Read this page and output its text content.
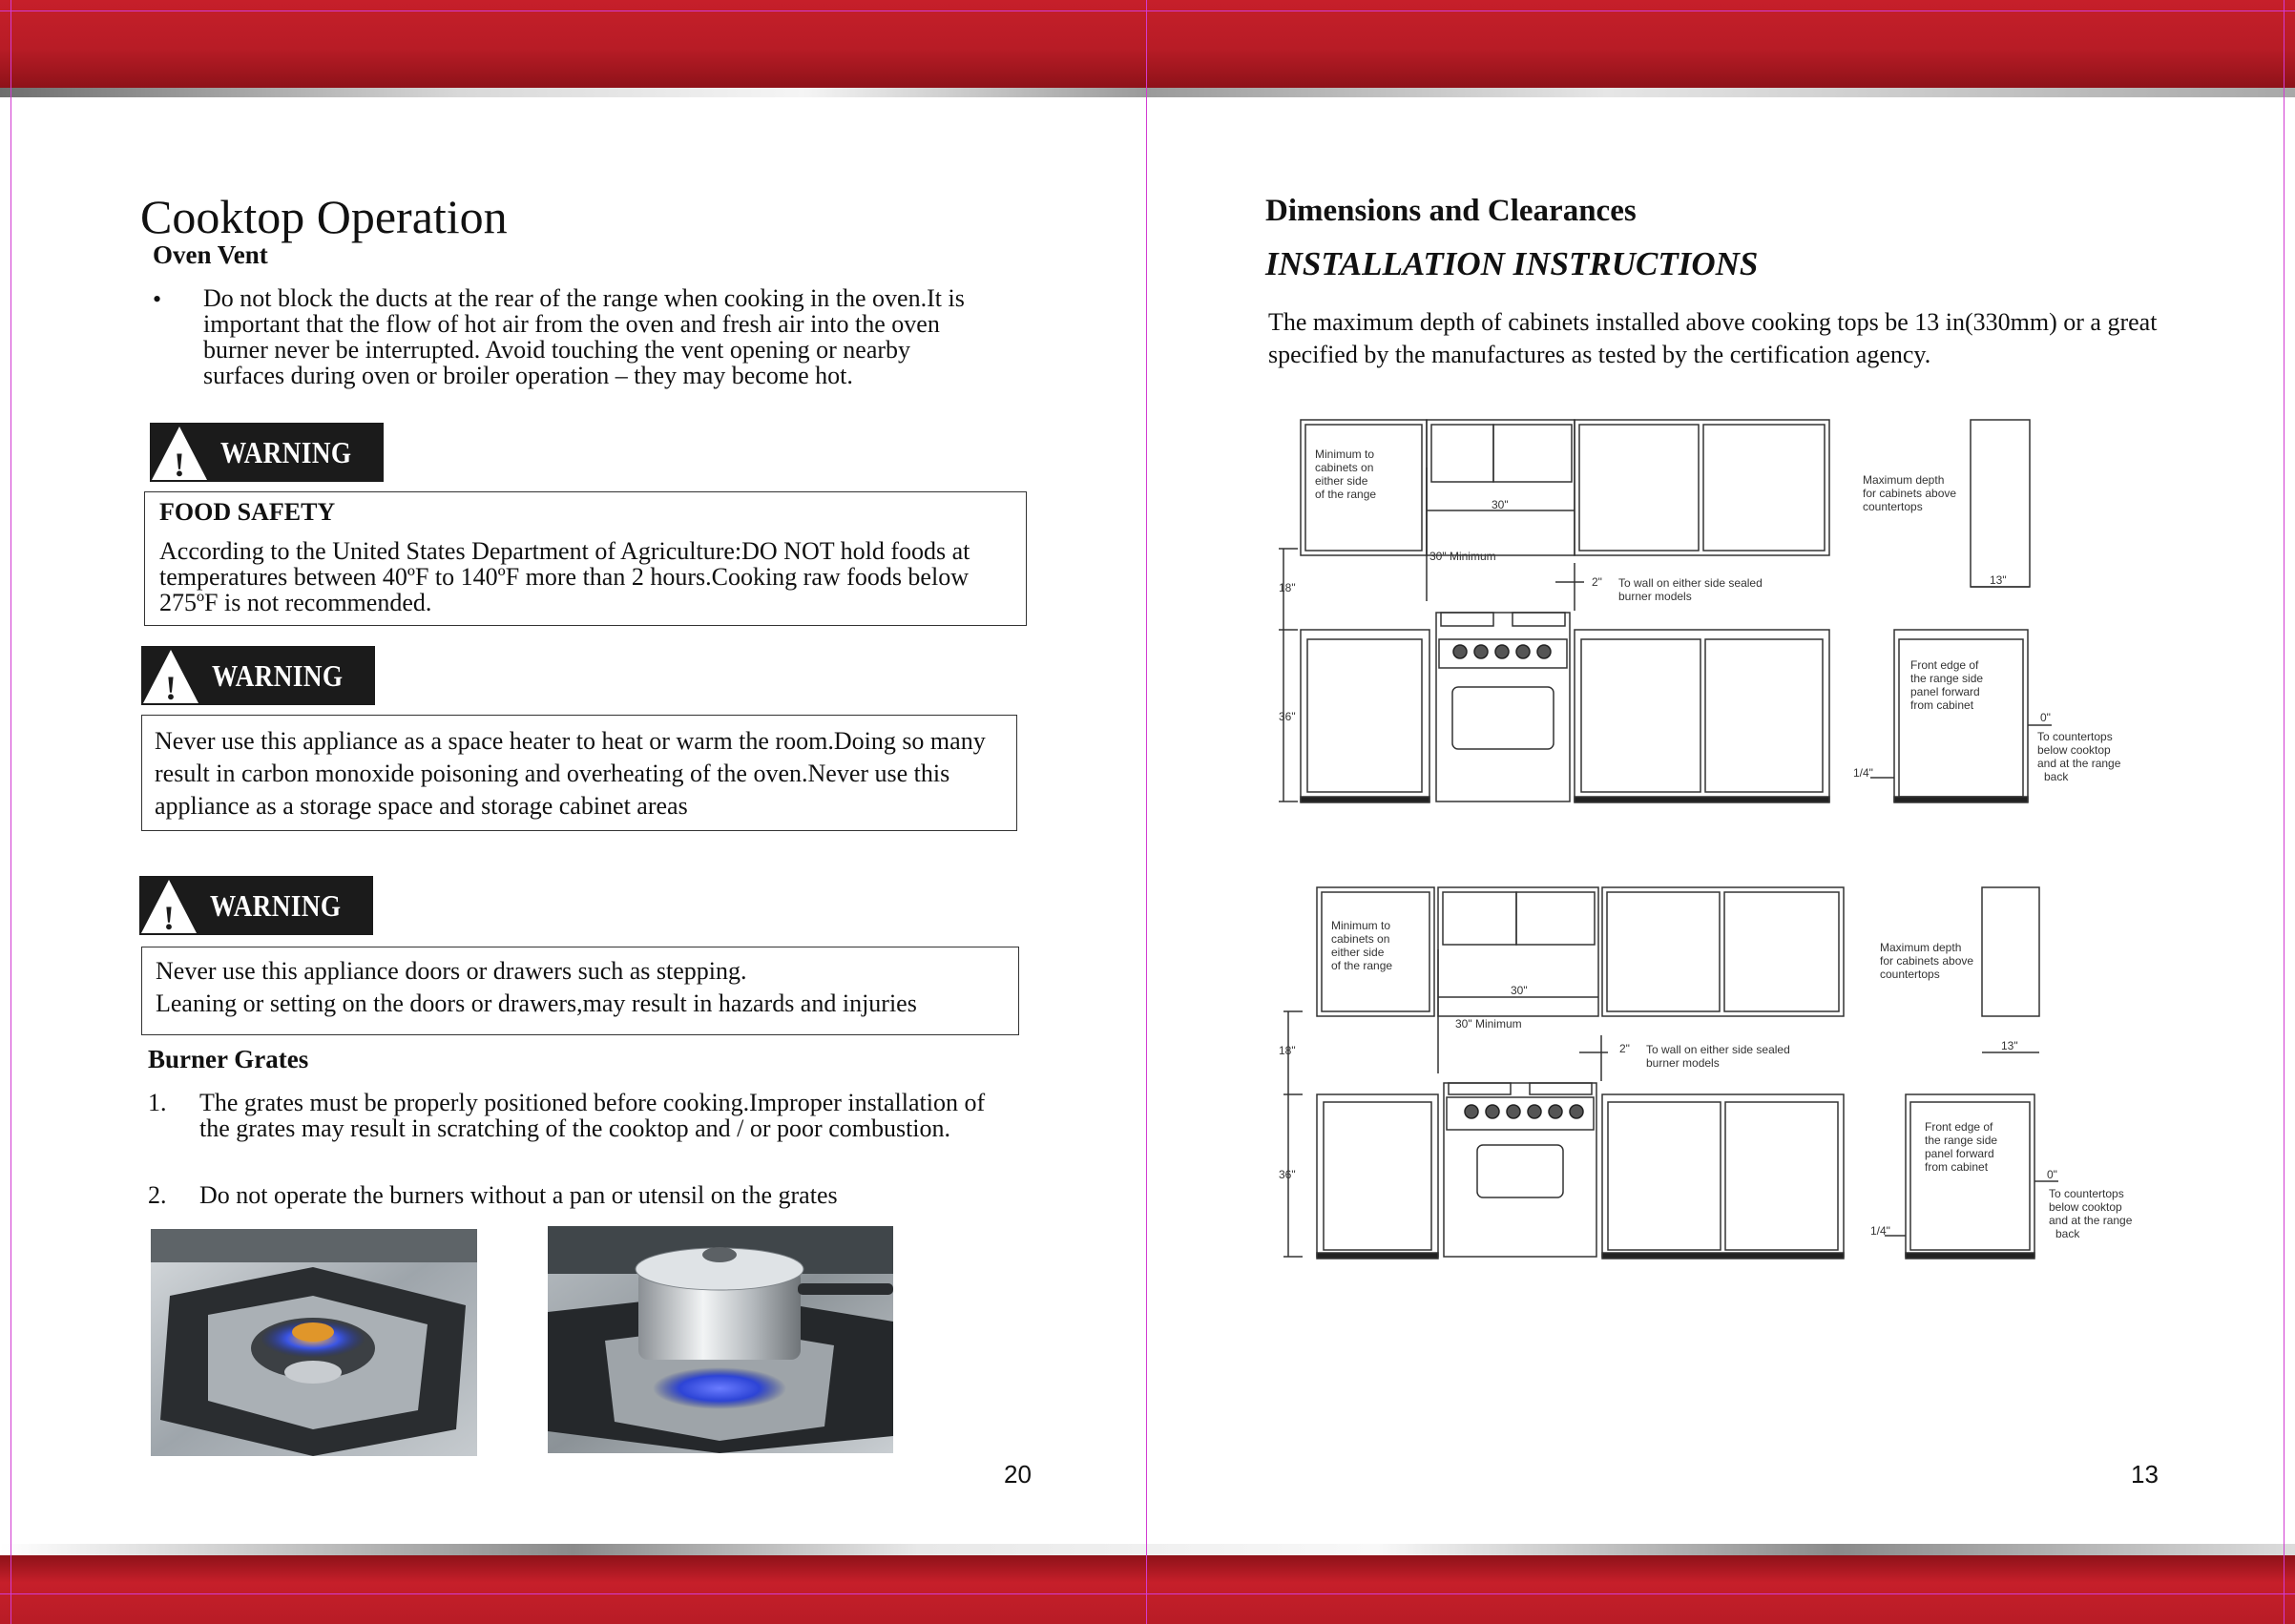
Cooktop Operation
Oven Vent
• Do not block the ducts at the rear of the range when cooking in the oven.It is important that the flow of hot air from the oven and fresh air into the oven burner never be interrupted. Avoid touching the vent opening or nearby surfaces during oven or broiler operation – they may become hot.
! WARNING
FOOD SAFETY
According to the United States Department of Agriculture:DO NOT hold foods at temperatures between 40ºF to 140ºF more than 2 hours.Cooking raw foods below 275ºF is not recommended.
! WARNING
Never use this appliance as a space heater to heat or warm the room.Doing so many result in carbon monoxide poisoning and overheating of the oven.Never use this appliance as a storage space and storage cabinet areas
! WARNING
Never use this appliance doors or drawers such as stepping.
Leaning or setting on the doors or drawers,may result in hazards and injuries
Burner Grates
1. The grates must be properly positioned before cooking.Improper installation of the grates may result in scratching of the cooktop and / or poor combustion.
2. Do not operate the burners without a pan or utensil on the grates
20
Dimensions and Clearances
INSTALLATION INSTRUCTIONS
The maximum depth of cabinets installed above cooking tops be 13 in(330mm) or a great specified by the manufactures as tested by the certification agency.
Minimum to
cabinets on
either side
of the range
30"
30" Minimum
2" To wall on either side sealed
burner models
18"
36"
Maximum depth
for cabinets above
countertops
13"
Front edge of
the range side
panel forward
from cabinet
0"
To countertops
below cooktop
and at the range
back
1/4"
Minimum to
cabinets on
either side
of the range
30"
30" Minimum
2" To wall on either side sealed
burner models
18"
36"
Maximum depth
for cabinets above
countertops
13"
Front edge of
the range side
panel forward
from cabinet
0"
To countertops
below cooktop
and at the range
back
1/4"
13
